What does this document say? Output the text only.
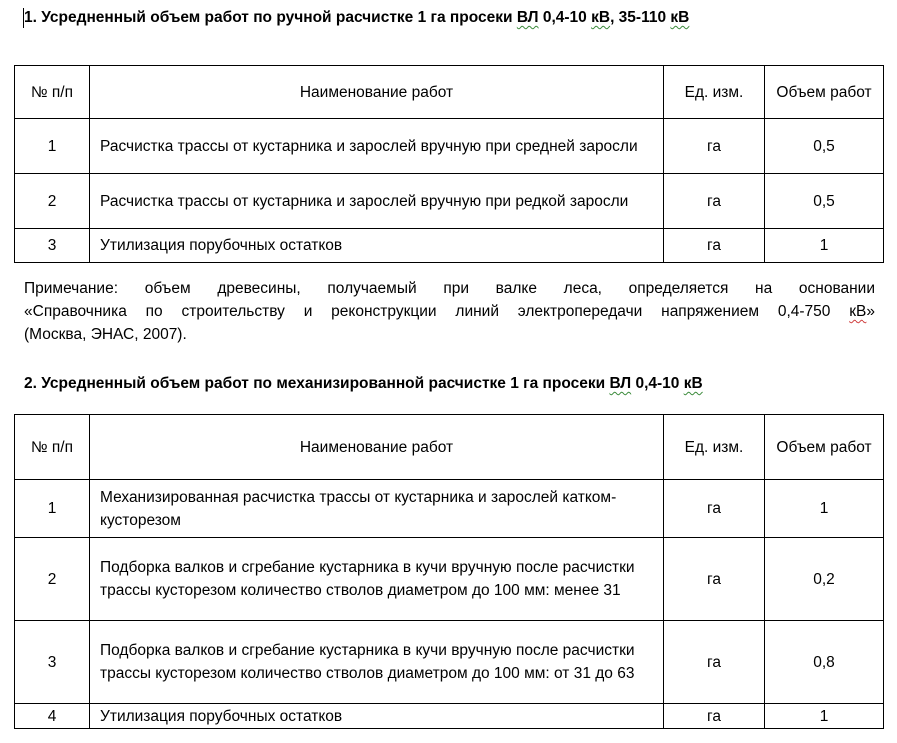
1. Усредненный объем работ по ручной расчистке 1 га просеки ВЛ 0,4-10 кВ, 35-110 кВ
№ п/п	Наименование работ	Ед. изм.	Объем работ
1	Расчистка трассы от кустарника и зарослей вручную при средней заросли	га	0,5
2	Расчистка трассы от кустарника и зарослей вручную при редкой заросли	га	0,5
3	Утилизация порубочных остатков	га	1
Примечание: объем древесины, получаемый при валке леса, определяется на основании
«Справочника по строительству и реконструкции линий электропередачи напряжением 0,4-750 кВ»
(Москва, ЭНАС, 2007).
2. Усредненный объем работ по механизированной расчистке 1 га просеки ВЛ 0,4-10 кВ
№ п/п	Наименование работ	Ед. изм.	Объем работ
1	Механизированная расчистка трассы от кустарника и зарослей катком-кусторезом	га	1
2	Подборка валков и сгребание кустарника в кучи вручную после расчистки трассы кусторезом количество стволов диаметром до 100 мм: менее 31	га	0,2
3	Подборка валков и сгребание кустарника в кучи вручную после расчистки трассы кусторезом количество стволов диаметром до 100 мм: от 31 до 63	га	0,8
4	Утилизация порубочных остатков	га	1
